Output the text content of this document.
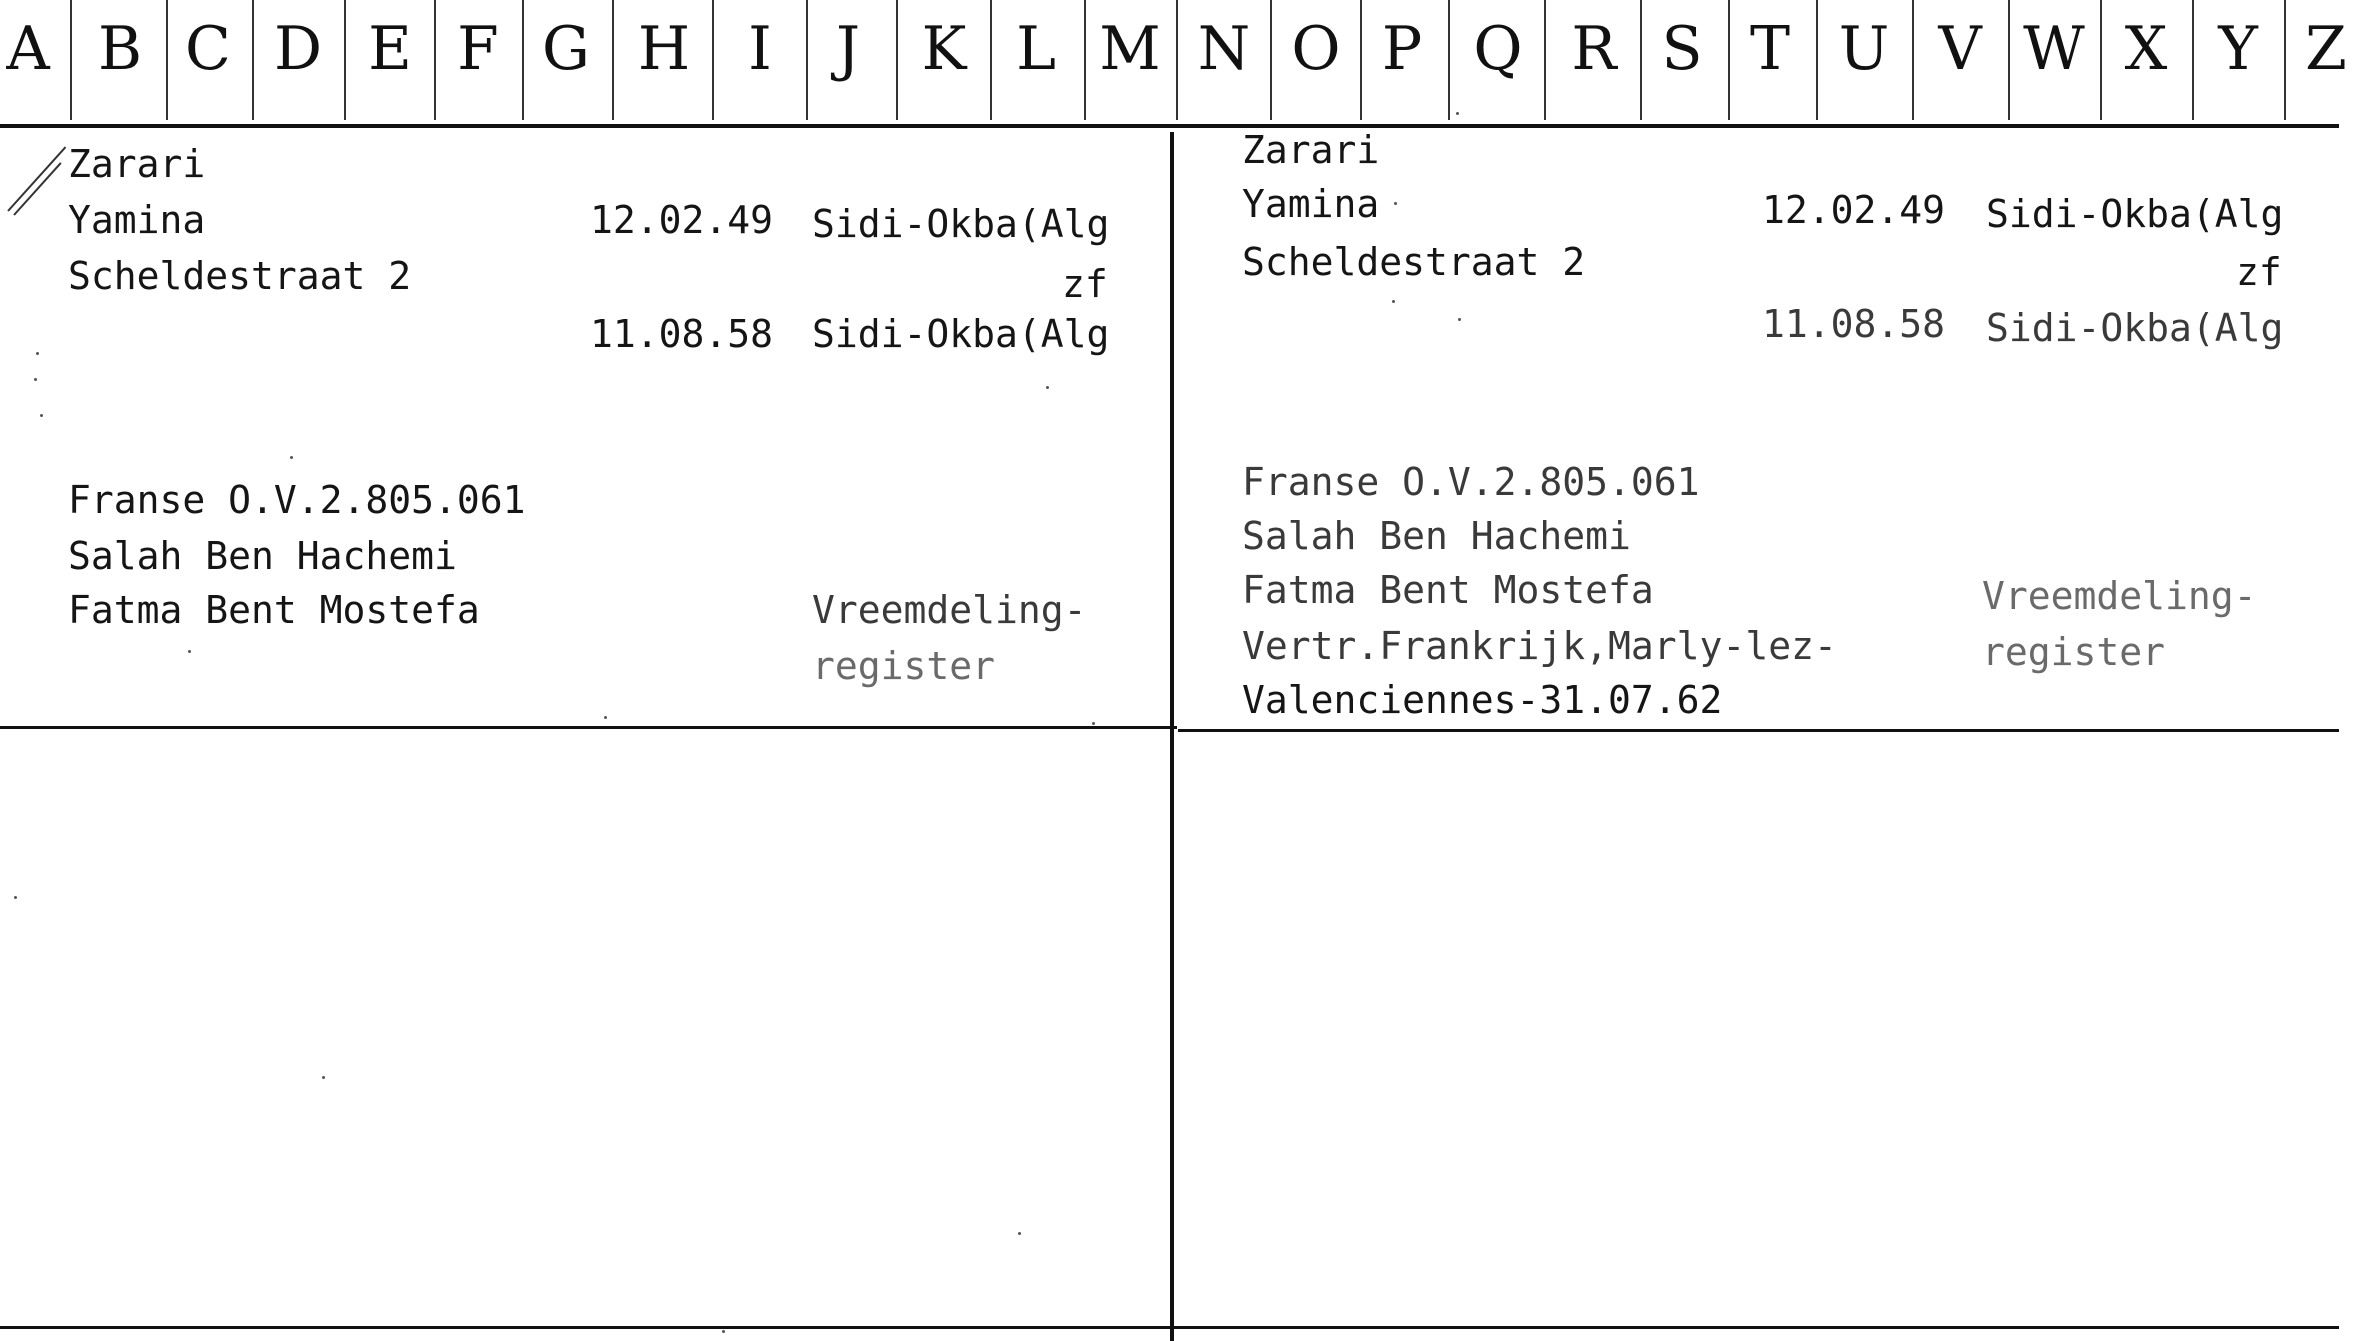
A B C D E F G H I	J	K L M N O P Q R S T U V W X Y Z
Zarari
Yamina	12.02.49 Sidi-Okba(Alg
Scheldestraat 2	zf
11.08.58 Sidi-Okba(Alg
Franse O.V.2.805.061
Salah Ben Hachemi
Fatma Bent Mostefa	Vreemdeling-
register
Zarari
Yamina	12.02.49 Sidi-Okba(Alg
Scheldestraat 2	zf
11.08.58 Sidi-Okba(Alg
Franse O.V.2.805.061
Salah Ben Hachemi
Fatma Bent Mostefa	Vreemdeling-
register
Vertr.Frankrijk,Marly-lez-
Valenciennes-31.07.62
